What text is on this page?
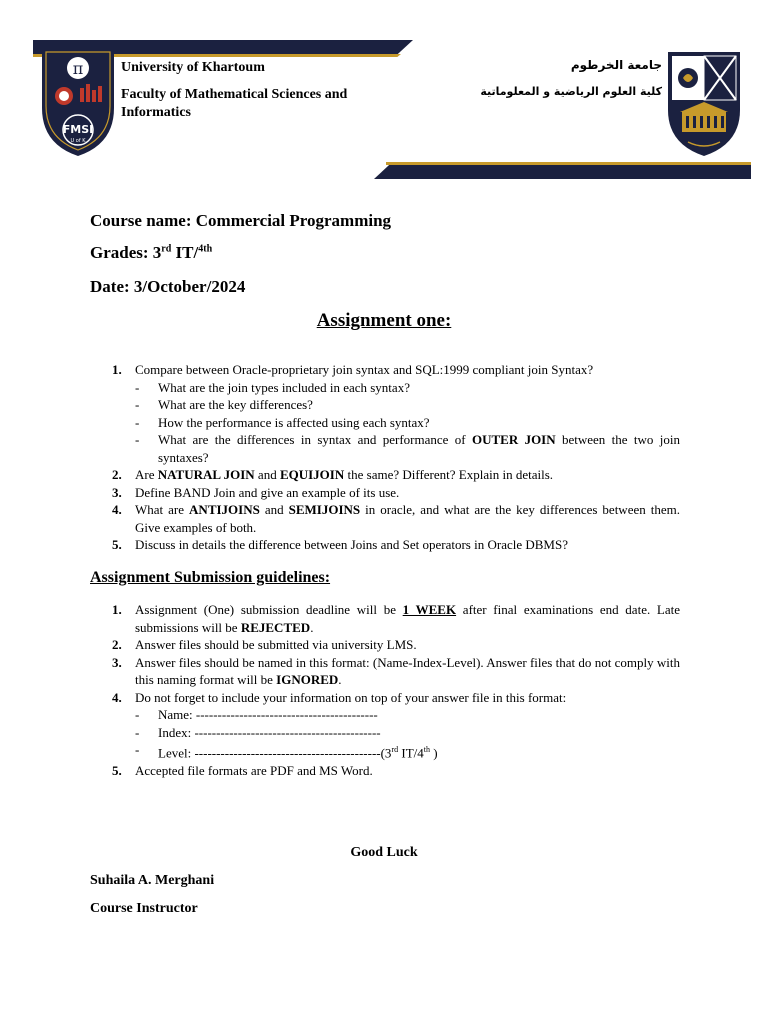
π
FMSI
U of K
University of Khartoum
Faculty of Mathematical Sciences and Informatics
جامعة الخرطوم
كلية العلوم الرياضية و المعلوماتية
Course name: Commercial Programming
Grades: 3rd IT/$^{4th}$
Date: 3/October/2024
Assignment one:
1. Compare between Oracle-proprietary join syntax and SQL:1999 compliant join Syntax?
- What are the join types included in each syntax?
- What are the key differences?
- How the performance is affected using each syntax?
- What are the differences in syntax and performance of OUTER JOIN between the two join syntaxes?
2. Are NATURAL JOIN and EQUIJOIN the same? Different? Explain in details.
3. Define BAND Join and give an example of its use.
4. What are ANTIJOINS and SEMIJOINS in oracle, and what are the key differences between them. Give examples of both.
5. Discuss in details the difference between Joins and Set operators in Oracle DBMS?
Assignment Submission guidelines:
1. Assignment (One) submission deadline will be 1 WEEK after final examinations end date. Late submissions will be REJECTED.
2. Answer files should be submitted via university LMS.
3. Answer files should be named in this format: (Name-Index-Level). Answer files that do not comply with this naming format will be IGNORED.
4. Do not forget to include your information on top of your answer file in this format:
- Name: ------------------------------------------
- Index: -------------------------------------------
- Level: -------------------------------------------(3rd IT/4th )
5. Accepted file formats are PDF and MS Word.
Good Luck
Suhaila A. Merghani
Course Instructor
